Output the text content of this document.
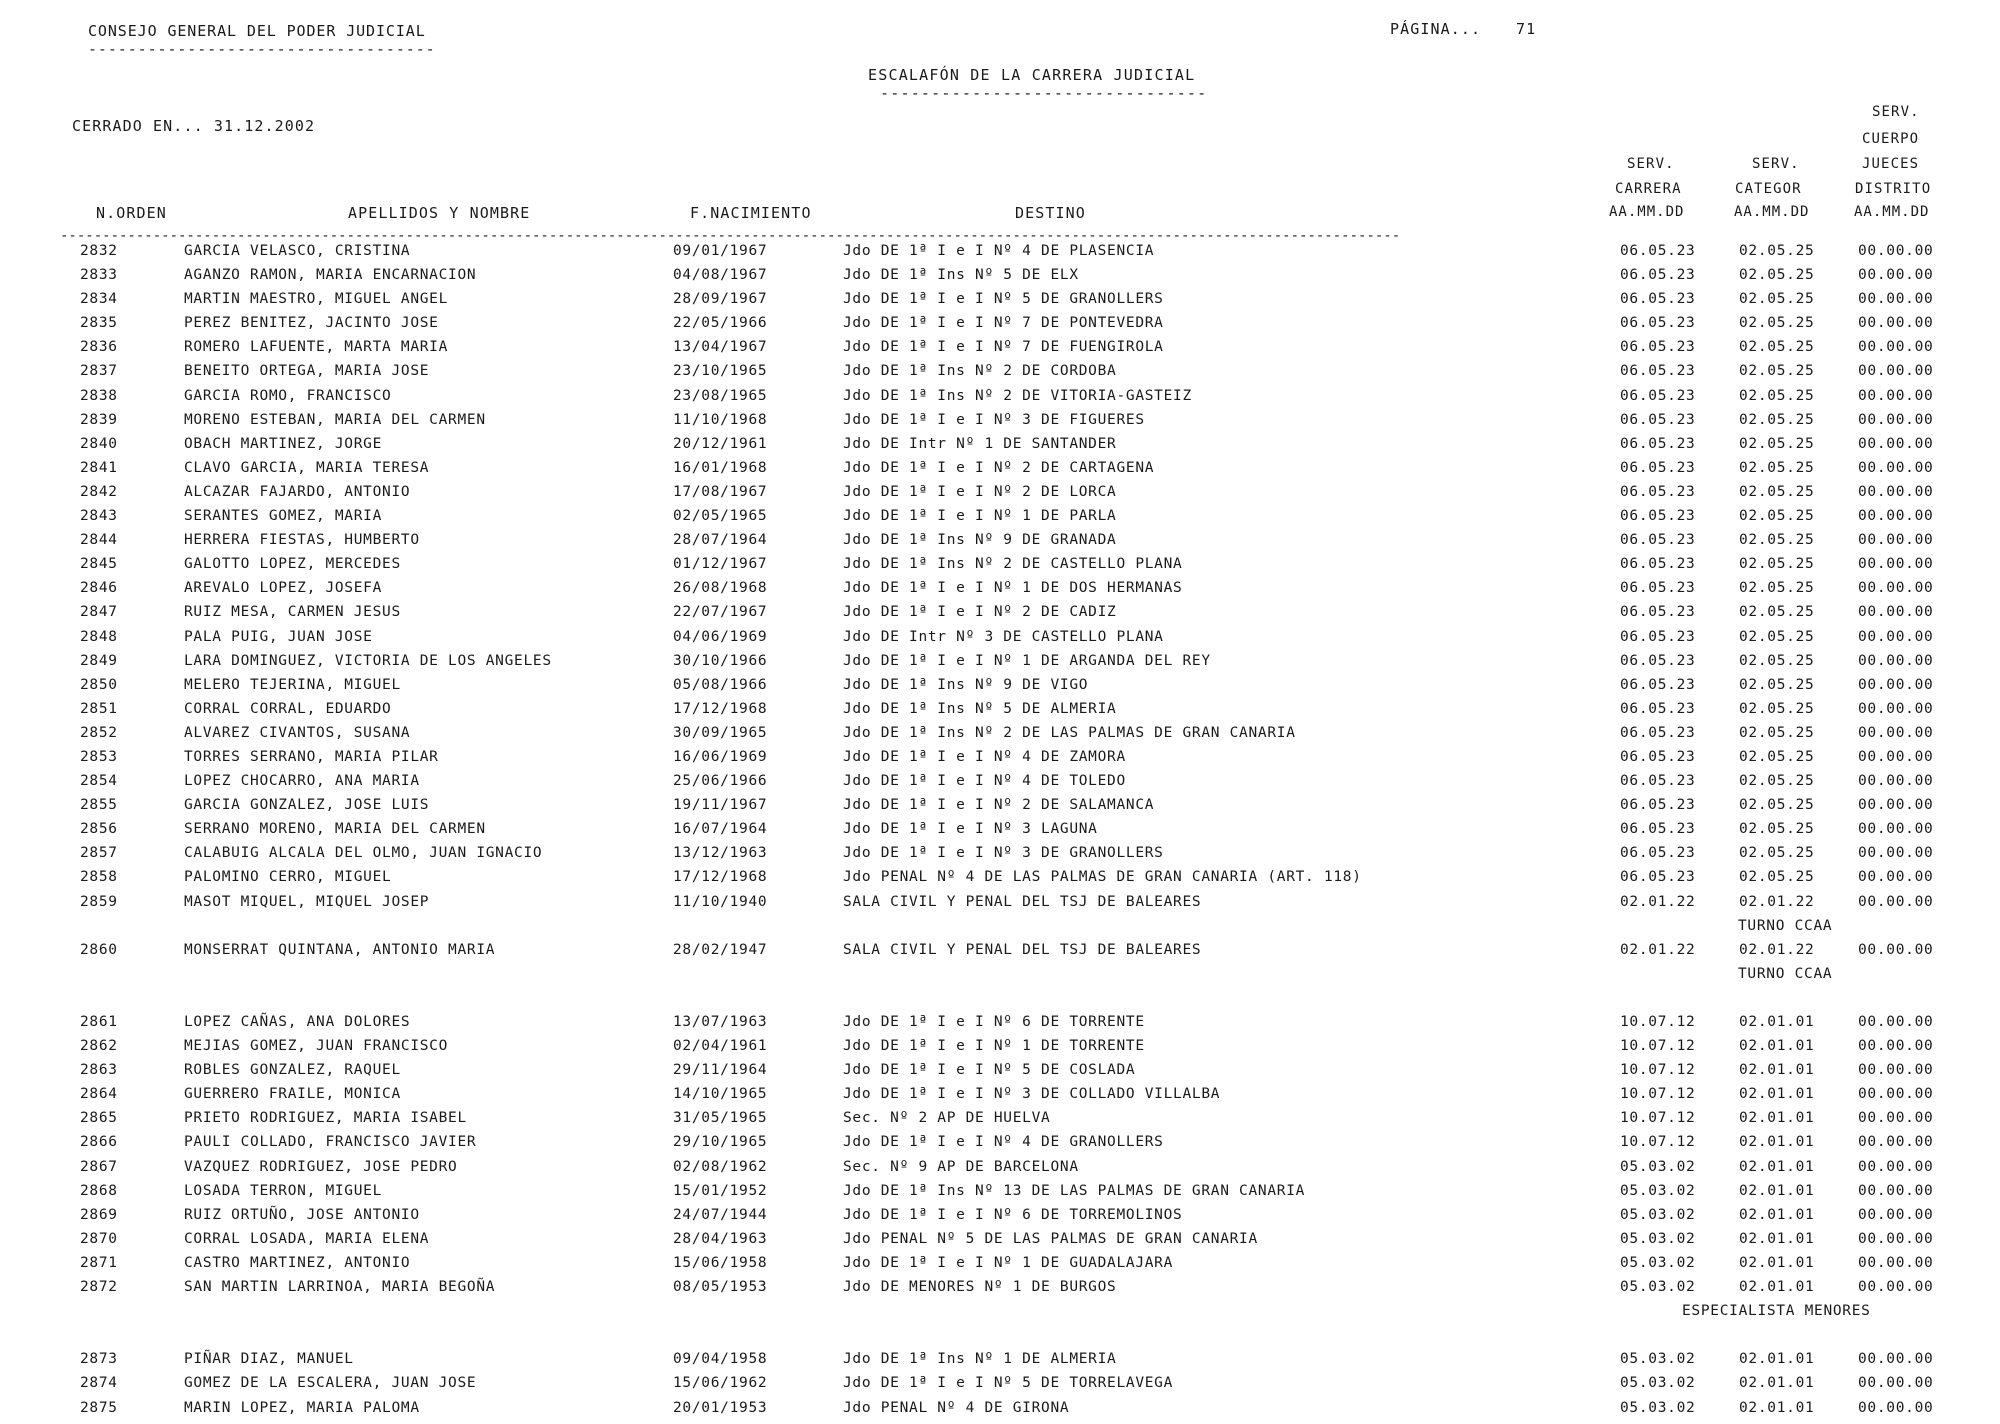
CONSEJO GENERAL DEL PODER JUDICIAL
-----------------------------------
PÁGINA... 71
ESCALAFÓN DE LA CARRERA JUDICIAL
--------------------------------
CERRADO EN... 31.12.2002
SERV.
CUERPO
SERV.	SERV.	JUECES
CARRERA	CATEGOR	DISTRITO
AA.MM.DD	AA.MM.DD	AA.MM.DD
N.ORDEN	APELLIDOS Y NOMBRE	F.NACIMIENTO	DESTINO
---------------------------------------------------------------------------------------------------------------------------------------------------------------
2832	GARCIA VELASCO, CRISTINA	09/01/1967	Jdo DE 1ª I e I Nº 4 DE PLASENCIA	06.05.23	02.05.25	00.00.00
2833	AGANZO RAMON, MARIA ENCARNACION	04/08/1967	Jdo DE 1ª Ins Nº 5 DE ELX	06.05.23	02.05.25	00.00.00
2834	MARTIN MAESTRO, MIGUEL ANGEL	28/09/1967	Jdo DE 1ª I e I Nº 5 DE GRANOLLERS	06.05.23	02.05.25	00.00.00
2835	PEREZ BENITEZ, JACINTO JOSE	22/05/1966	Jdo DE 1ª I e I Nº 7 DE PONTEVEDRA	06.05.23	02.05.25	00.00.00
2836	ROMERO LAFUENTE, MARTA MARIA	13/04/1967	Jdo DE 1ª I e I Nº 7 DE FUENGIROLA	06.05.23	02.05.25	00.00.00
2837	BENEITO ORTEGA, MARIA JOSE	23/10/1965	Jdo DE 1ª Ins Nº 2 DE CORDOBA	06.05.23	02.05.25	00.00.00
2838	GARCIA ROMO, FRANCISCO	23/08/1965	Jdo DE 1ª Ins Nº 2 DE VITORIA-GASTEIZ	06.05.23	02.05.25	00.00.00
2839	MORENO ESTEBAN, MARIA DEL CARMEN	11/10/1968	Jdo DE 1ª I e I Nº 3 DE FIGUERES	06.05.23	02.05.25	00.00.00
2840	OBACH MARTINEZ, JORGE	20/12/1961	Jdo DE Intr Nº 1 DE SANTANDER	06.05.23	02.05.25	00.00.00
2841	CLAVO GARCIA, MARIA TERESA	16/01/1968	Jdo DE 1ª I e I Nº 2 DE CARTAGENA	06.05.23	02.05.25	00.00.00
2842	ALCAZAR FAJARDO, ANTONIO	17/08/1967	Jdo DE 1ª I e I Nº 2 DE LORCA	06.05.23	02.05.25	00.00.00
2843	SERANTES GOMEZ, MARIA	02/05/1965	Jdo DE 1ª I e I Nº 1 DE PARLA	06.05.23	02.05.25	00.00.00
2844	HERRERA FIESTAS, HUMBERTO	28/07/1964	Jdo DE 1ª Ins Nº 9 DE GRANADA	06.05.23	02.05.25	00.00.00
2845	GALOTTO LOPEZ, MERCEDES	01/12/1967	Jdo DE 1ª Ins Nº 2 DE CASTELLO PLANA	06.05.23	02.05.25	00.00.00
2846	AREVALO LOPEZ, JOSEFA	26/08/1968	Jdo DE 1ª I e I Nº 1 DE DOS HERMANAS	06.05.23	02.05.25	00.00.00
2847	RUIZ MESA, CARMEN JESUS	22/07/1967	Jdo DE 1ª I e I Nº 2 DE CADIZ	06.05.23	02.05.25	00.00.00
2848	PALA PUIG, JUAN JOSE	04/06/1969	Jdo DE Intr Nº 3 DE CASTELLO PLANA	06.05.23	02.05.25	00.00.00
2849	LARA DOMINGUEZ, VICTORIA DE LOS ANGELES	30/10/1966	Jdo DE 1ª I e I Nº 1 DE ARGANDA DEL REY	06.05.23	02.05.25	00.00.00
2850	MELERO TEJERINA, MIGUEL	05/08/1966	Jdo DE 1ª Ins Nº 9 DE VIGO	06.05.23	02.05.25	00.00.00
2851	CORRAL CORRAL, EDUARDO	17/12/1968	Jdo DE 1ª Ins Nº 5 DE ALMERIA	06.05.23	02.05.25	00.00.00
2852	ALVAREZ CIVANTOS, SUSANA	30/09/1965	Jdo DE 1ª Ins Nº 2 DE LAS PALMAS DE GRAN CANARIA	06.05.23	02.05.25	00.00.00
2853	TORRES SERRANO, MARIA PILAR	16/06/1969	Jdo DE 1ª I e I Nº 4 DE ZAMORA	06.05.23	02.05.25	00.00.00
2854	LOPEZ CHOCARRO, ANA MARIA	25/06/1966	Jdo DE 1ª I e I Nº 4 DE TOLEDO	06.05.23	02.05.25	00.00.00
2855	GARCIA GONZALEZ, JOSE LUIS	19/11/1967	Jdo DE 1ª I e I Nº 2 DE SALAMANCA	06.05.23	02.05.25	00.00.00
2856	SERRANO MORENO, MARIA DEL CARMEN	16/07/1964	Jdo DE 1ª I e I Nº 3 LAGUNA	06.05.23	02.05.25	00.00.00
2857	CALABUIG ALCALA DEL OLMO, JUAN IGNACIO	13/12/1963	Jdo DE 1ª I e I Nº 3 DE GRANOLLERS	06.05.23	02.05.25	00.00.00
2858	PALOMINO CERRO, MIGUEL	17/12/1968	Jdo PENAL Nº 4 DE LAS PALMAS DE GRAN CANARIA (ART. 118)	06.05.23	02.05.25	00.00.00
2859	MASOT MIQUEL, MIQUEL JOSEP	11/10/1940	SALA CIVIL Y PENAL DEL TSJ DE BALEARES	02.01.22	02.01.22	00.00.00
TURNO CCAA
2860	MONSERRAT QUINTANA, ANTONIO MARIA	28/02/1947	SALA CIVIL Y PENAL DEL TSJ DE BALEARES	02.01.22	02.01.22	00.00.00
TURNO CCAA
2861	LOPEZ CAÑAS, ANA DOLORES	13/07/1963	Jdo DE 1ª I e I Nº 6 DE TORRENTE	10.07.12	02.01.01	00.00.00
2862	MEJIAS GOMEZ, JUAN FRANCISCO	02/04/1961	Jdo DE 1ª I e I Nº 1 DE TORRENTE	10.07.12	02.01.01	00.00.00
2863	ROBLES GONZALEZ, RAQUEL	29/11/1964	Jdo DE 1ª I e I Nº 5 DE COSLADA	10.07.12	02.01.01	00.00.00
2864	GUERRERO FRAILE, MONICA	14/10/1965	Jdo DE 1ª I e I Nº 3 DE COLLADO VILLALBA	10.07.12	02.01.01	00.00.00
2865	PRIETO RODRIGUEZ, MARIA ISABEL	31/05/1965	Sec. Nº 2 AP DE HUELVA	10.07.12	02.01.01	00.00.00
2866	PAULI COLLADO, FRANCISCO JAVIER	29/10/1965	Jdo DE 1ª I e I Nº 4 DE GRANOLLERS	10.07.12	02.01.01	00.00.00
2867	VAZQUEZ RODRIGUEZ, JOSE PEDRO	02/08/1962	Sec. Nº 9 AP DE BARCELONA	05.03.02	02.01.01	00.00.00
2868	LOSADA TERRON, MIGUEL	15/01/1952	Jdo DE 1ª Ins Nº 13 DE LAS PALMAS DE GRAN CANARIA	05.03.02	02.01.01	00.00.00
2869	RUIZ ORTUÑO, JOSE ANTONIO	24/07/1944	Jdo DE 1ª I e I Nº 6 DE TORREMOLINOS	05.03.02	02.01.01	00.00.00
2870	CORRAL LOSADA, MARIA ELENA	28/04/1963	Jdo PENAL Nº 5 DE LAS PALMAS DE GRAN CANARIA	05.03.02	02.01.01	00.00.00
2871	CASTRO MARTINEZ, ANTONIO	15/06/1958	Jdo DE 1ª I e I Nº 1 DE GUADALAJARA	05.03.02	02.01.01	00.00.00
2872	SAN MARTIN LARRINOA, MARIA BEGOÑA	08/05/1953	Jdo DE MENORES Nº 1 DE BURGOS	05.03.02	02.01.01	00.00.00
ESPECIALISTA MENORES
2873	PIÑAR DIAZ, MANUEL	09/04/1958	Jdo DE 1ª Ins Nº 1 DE ALMERIA	05.03.02	02.01.01	00.00.00
2874	GOMEZ DE LA ESCALERA, JUAN JOSE	15/06/1962	Jdo DE 1ª I e I Nº 5 DE TORRELAVEGA	05.03.02	02.01.01	00.00.00
2875	MARIN LOPEZ, MARIA PALOMA	20/01/1953	Jdo PENAL Nº 4 DE GIRONA	05.03.02	02.01.01	00.00.00
